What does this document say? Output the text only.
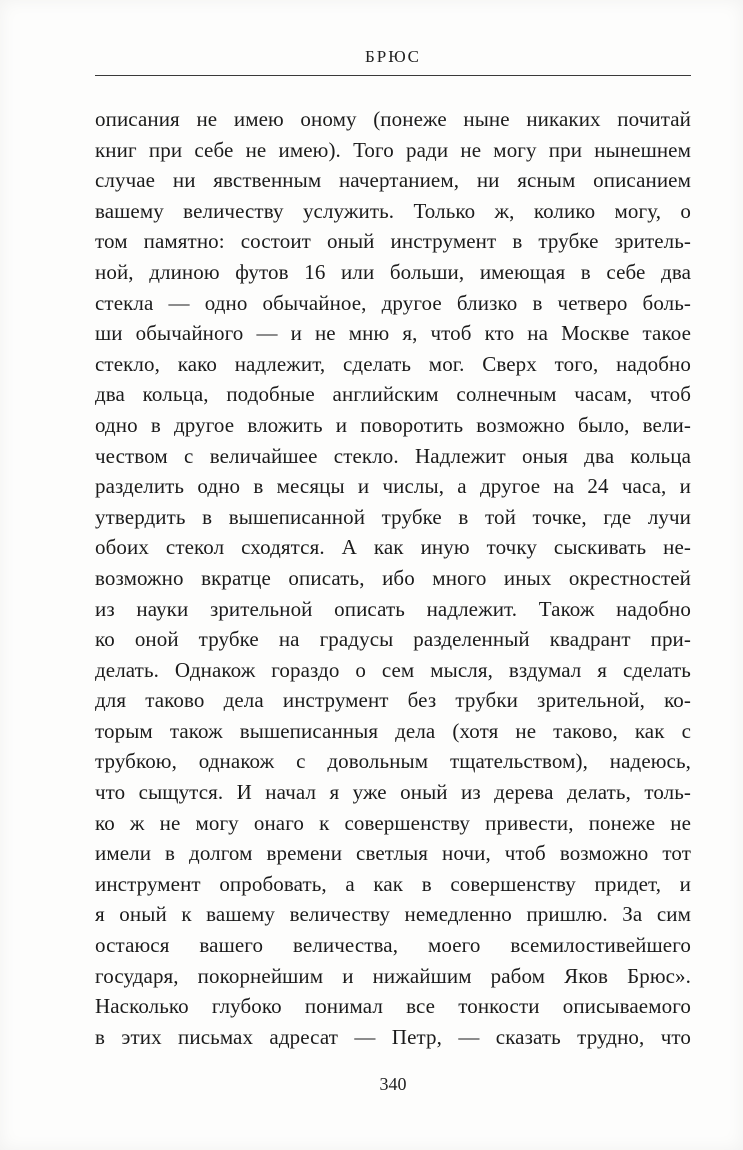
БРЮС
описания не имею оному (понеже ныне никаких почитай
книг при себе не имею). Того ради не могу при нынешнем
случае ни явственным начертанием, ни ясным описанием
вашему величеству услужить. Только ж, колико могу, о
том памятно: состоит оный инструмент в трубке зритель-
ной, длиною футов 16 или больши, имеющая в себе два
стекла — одно обычайное, другое близко в четверо боль-
ши обычайного — и не мню я, чтоб кто на Москве такое
стекло, како надлежит, сделать мог. Сверх того, надобно
два кольца, подобные английским солнечным часам, чтоб
одно в другое вложить и поворотить возможно было, вели-
чеством с величайшее стекло. Надлежит оныя два кольца
разделить одно в месяцы и числы, а другое на 24 часа, и
утвердить в вышеписанной трубке в той точке, где лучи
обоих стекол сходятся. А как иную точку сыскивать не-
возможно вкратце описать, ибо много иных окрестностей
из науки зрительной описать надлежит. Також надобно
ко оной трубке на градусы разделенный квадрант при-
делать. Однакож гораздо о сем мысля, вздумал я сделать
для таково дела инструмент без трубки зрительной, ко-
торым також вышеписанныя дела (хотя не таково, как с
трубкою, однакож с довольным тщательством), надеюсь,
что сыщутся. И начал я уже оный из дерева делать, толь-
ко ж не могу онаго к совершенству привести, понеже не
имели в долгом времени светлыя ночи, чтоб возможно тот
инструмент опробовать, а как в совершенству придет, и
я оный к вашему величеству немедленно пришлю. За сим
остаюся вашего величества, моего всемилостивейшего
государя, покорнейшим и нижайшим рабом Яков Брюс».
Насколько глубоко понимал все тонкости описываемого
в этих письмах адресат — Петр, — сказать трудно, что
340
